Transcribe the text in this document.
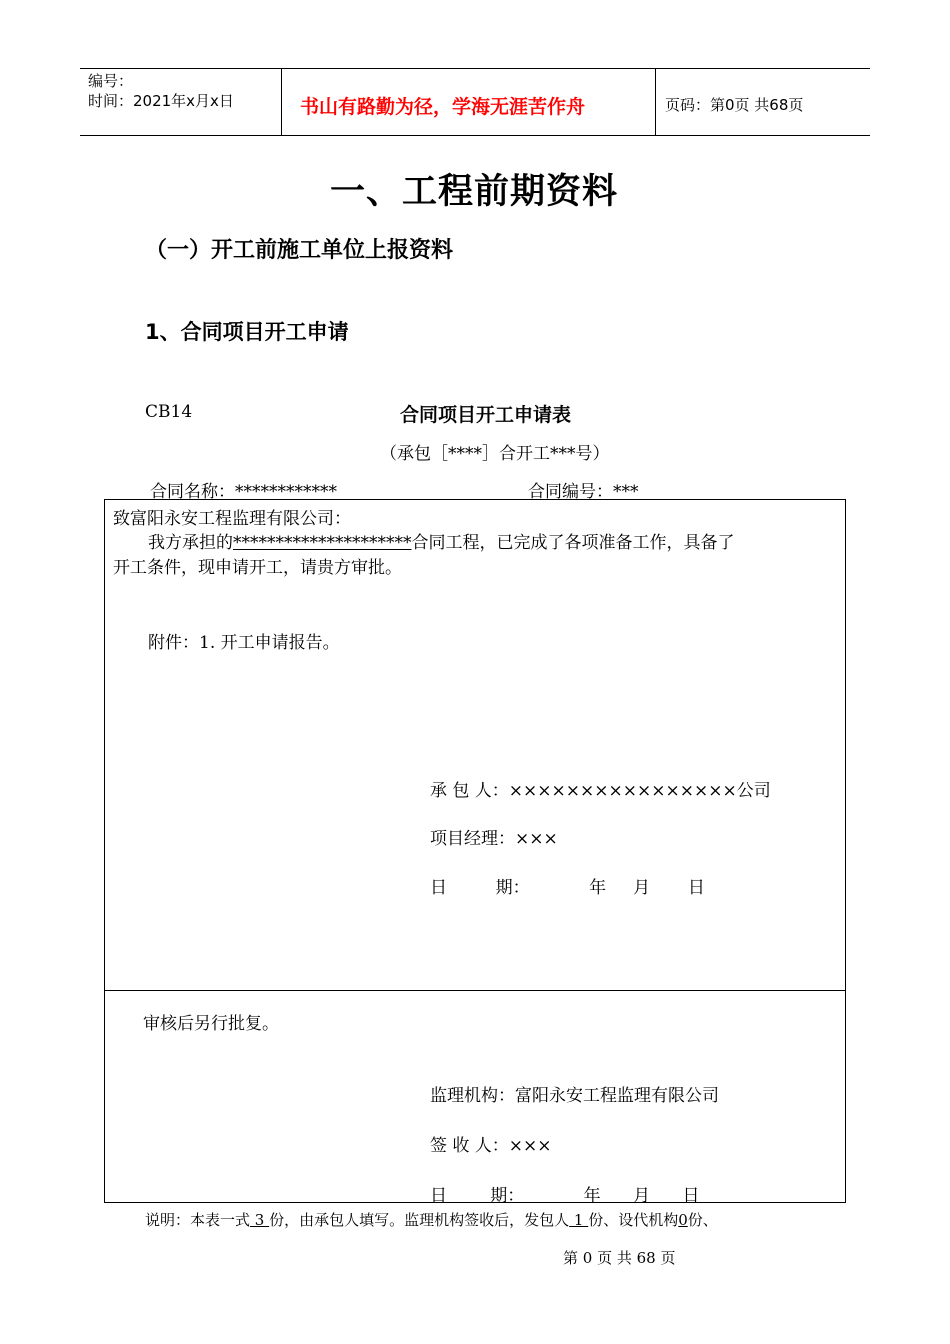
编号：
时间：2021年x月x日	书山有路勤为径，学海无涯苦作舟	页码：第0页 共68页
一、工程前期资料
（一）开工前施工单位上报资料
1、合同项目开工申请
CB14	合同项目开工申请表
（承包［****］合开工***号）
合同名称：************	合同编号：***
致富阳永安工程监理有限公司：
我方承担的*********************合同工程，已完成了各项准备工作，具备了
开工条件，现申请开工，请贵方审批。
附件：1. 开工申请报告。
承 包 人：××××××××××××××××公司
项目经理：×××
日         期：           年     月       日
审核后另行批复。
监理机构：富阳永安工程监理有限公司
签 收 人：×××
日        期：           年      月      日
说明：本表一式 3 份，由承包人填写。监理机构签收后，发包人 1 份、设代机构0份、
第 0 页 共 68 页
